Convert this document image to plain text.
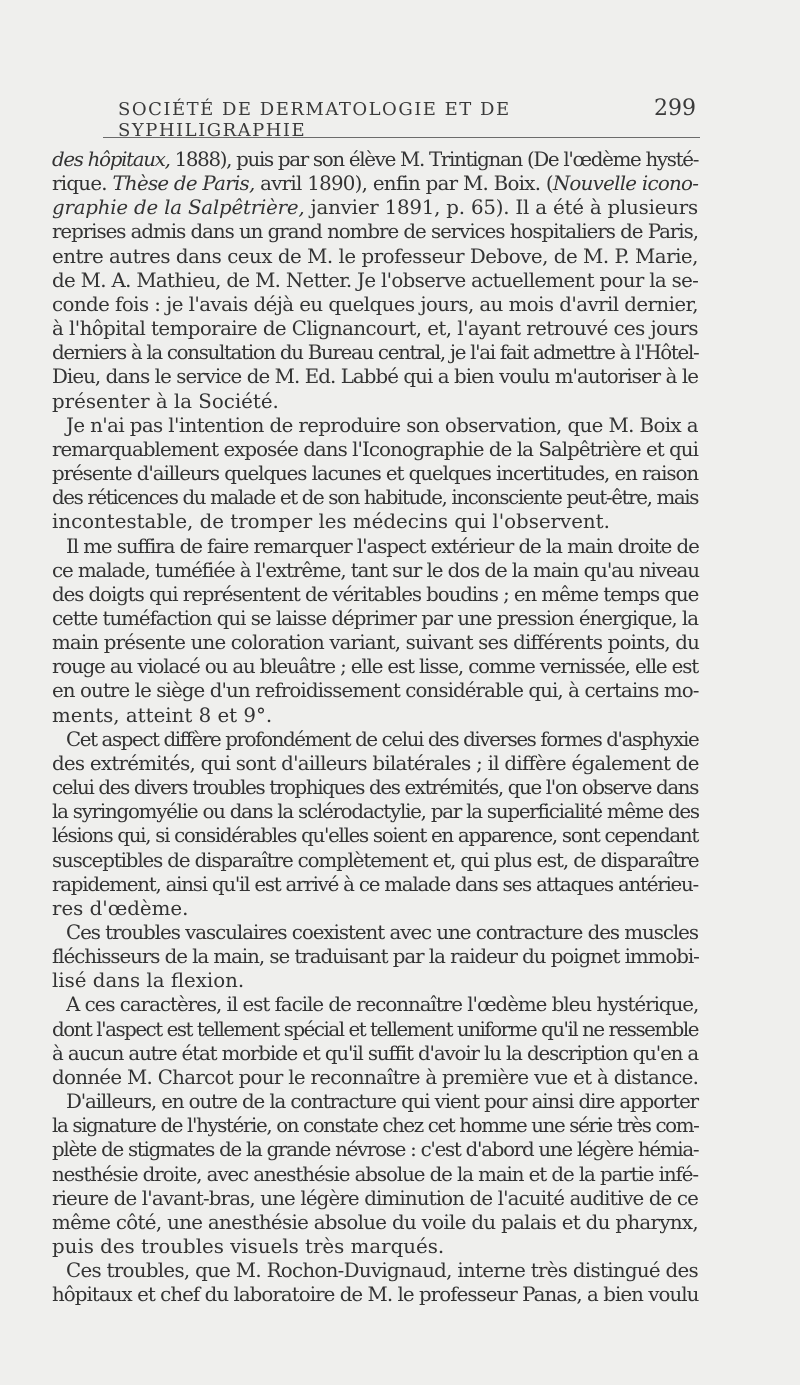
SOCIÉTÉ DE DERMATOLOGIE ET DE SYPHILIGRAPHIE
299
des hôpitaux, 1888), puis par son élève M. Trintignan (De l'œdème hysté-
rique. Thèse de Paris, avril 1890), enfin par M. Boix. (Nouvelle icono-
graphie de la Salpêtrière, janvier 1891, p. 65). Il a été à plusieurs
reprises admis dans un grand nombre de services hospitaliers de Paris,
entre autres dans ceux de M. le professeur Debove, de M. P. Marie,
de M. A. Mathieu, de M. Netter. Je l'observe actuellement pour la se-
conde fois : je l'avais déjà eu quelques jours, au mois d'avril dernier,
à l'hôpital temporaire de Clignancourt, et, l'ayant retrouvé ces jours
derniers à la consultation du Bureau central, je l'ai fait admettre à l'Hôtel-
Dieu, dans le service de M. Ed. Labbé qui a bien voulu m'autoriser à le
présenter à la Société.
Je n'ai pas l'intention de reproduire son observation, que M. Boix a
remarquablement exposée dans l'Iconographie de la Salpêtrière et qui
présente d'ailleurs quelques lacunes et quelques incertitudes, en raison
des réticences du malade et de son habitude, inconsciente peut-être, mais
incontestable, de tromper les médecins qui l'observent.
Il me suffira de faire remarquer l'aspect extérieur de la main droite de
ce malade, tuméfiée à l'extrême, tant sur le dos de la main qu'au niveau
des doigts qui représentent de véritables boudins ; en même temps que
cette tuméfaction qui se laisse déprimer par une pression énergique, la
main présente une coloration variant, suivant ses différents points, du
rouge au violacé ou au bleuâtre ; elle est lisse, comme vernissée, elle est
en outre le siège d'un refroidissement considérable qui, à certains mo-
ments, atteint 8 et 9°.
Cet aspect diffère profondément de celui des diverses formes d'asphyxie
des extrémités, qui sont d'ailleurs bilatérales ; il diffère également de
celui des divers troubles trophiques des extrémités, que l'on observe dans
la syringomyélie ou dans la sclérodactylie, par la superficialité même des
lésions qui, si considérables qu'elles soient en apparence, sont cependant
susceptibles de disparaître complètement et, qui plus est, de disparaître
rapidement, ainsi qu'il est arrivé à ce malade dans ses attaques antérieu-
res d'œdème.
Ces troubles vasculaires coexistent avec une contracture des muscles
fléchisseurs de la main, se traduisant par la raideur du poignet immobi-
lisé dans la flexion.
A ces caractères, il est facile de reconnaître l'œdème bleu hystérique,
dont l'aspect est tellement spécial et tellement uniforme qu'il ne ressemble
à aucun autre état morbide et qu'il suffit d'avoir lu la description qu'en a
donnée M. Charcot pour le reconnaître à première vue et à distance.
D'ailleurs, en outre de la contracture qui vient pour ainsi dire apporter
la signature de l'hystérie, on constate chez cet homme une série très com-
plète de stigmates de la grande névrose : c'est d'abord une légère hémia-
nesthésie droite, avec anesthésie absolue de la main et de la partie infé-
rieure de l'avant-bras, une légère diminution de l'acuité auditive de ce
même côté, une anesthésie absolue du voile du palais et du pharynx,
puis des troubles visuels très marqués.
Ces troubles, que M. Rochon-Duvignaud, interne très distingué des
hôpitaux et chef du laboratoire de M. le professeur Panas, a bien voulu
